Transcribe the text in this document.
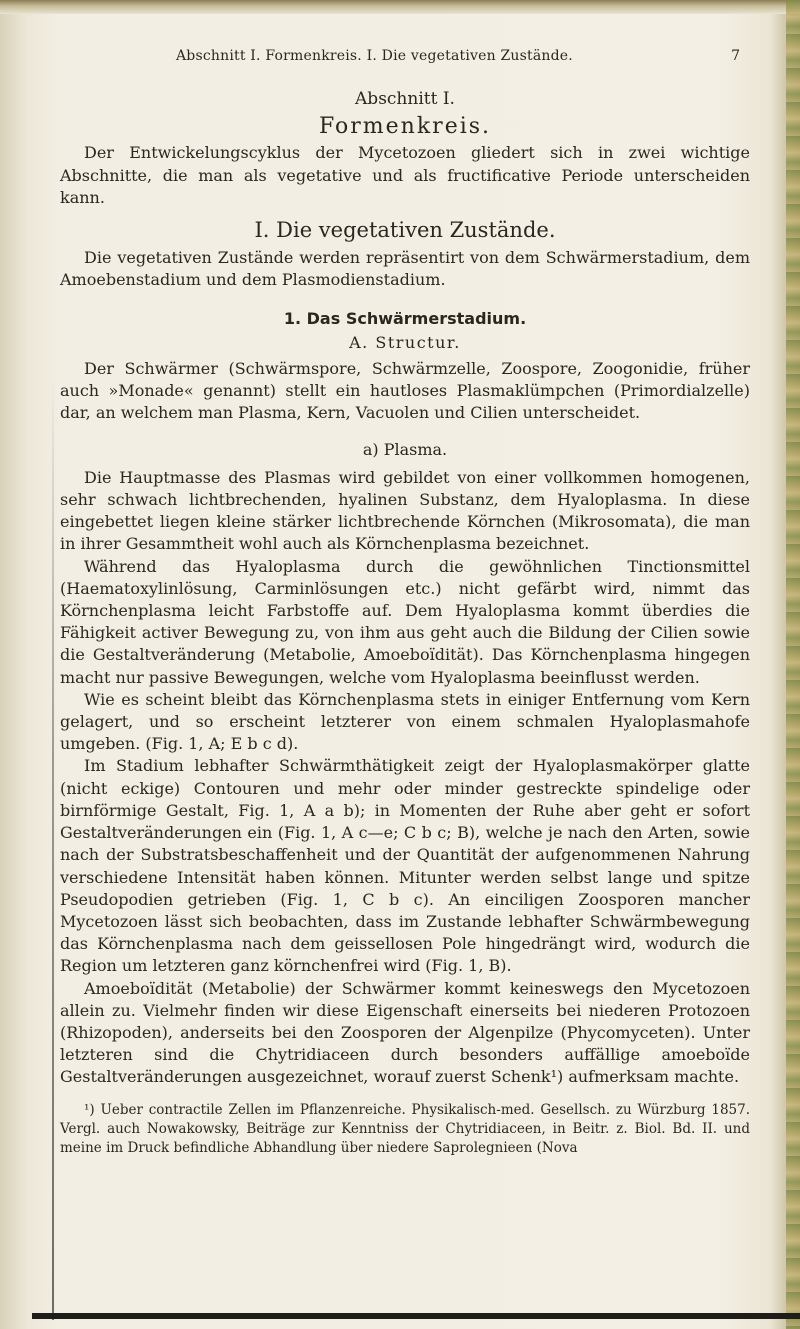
Abschnitt I. Formenkreis. I. Die vegetativen Zustände.	7
Abschnitt I.
Formenkreis.

Der Entwickelungscyklus der Mycetozoen gliedert sich in zwei wichtige Abschnitte, die man als vegetative und als fructificative Periode unterscheiden kann.

I. Die vegetativen Zustände.

Die vegetativen Zustände werden repräsentirt von dem Schwärmerstadium, dem Amoebenstadium und dem Plasmodienstadium.

1. Das Schwärmerstadium.
A. Structur.

Der Schwärmer (Schwärmspore, Schwärmzelle, Zoospore, Zoogonidie, früher auch »Monade« genannt) stellt ein hautloses Plasmaklümpchen (Primordialzelle) dar, an welchem man Plasma, Kern, Vacuolen und Cilien unterscheidet.

a) Plasma.

Die Hauptmasse des Plasmas wird gebildet von einer vollkommen homogenen, sehr schwach lichtbrechenden, hyalinen Substanz, dem Hyaloplasma. In diese eingebettet liegen kleine stärker lichtbrechende Körnchen (Mikrosomata), die man in ihrer Gesammtheit wohl auch als Körnchenplasma bezeichnet.

Während das Hyaloplasma durch die gewöhnlichen Tinctionsmittel (Haematoxylinlösung, Carminlösungen etc.) nicht gefärbt wird, nimmt das Körnchenplasma leicht Farbstoffe auf. Dem Hyaloplasma kommt überdies die Fähigkeit activer Bewegung zu, von ihm aus geht auch die Bildung der Cilien sowie die Gestaltveränderung (Metabolie, Amoeboïdität). Das Körnchenplasma hingegen macht nur passive Bewegungen, welche vom Hyaloplasma beeinflusst werden.

Wie es scheint bleibt das Körnchenplasma stets in einiger Entfernung vom Kern gelagert, und so erscheint letzterer von einem schmalen Hyaloplasmahofe umgeben. (Fig. 1, A; E b c d).

Im Stadium lebhafter Schwärmthätigkeit zeigt der Hyaloplasmakörper glatte (nicht eckige) Contouren und mehr oder minder gestreckte spindelige oder birnförmige Gestalt, Fig. 1, A a b); in Momenten der Ruhe aber geht er sofort Gestaltveränderungen ein (Fig. 1, A c—e; C b c; B), welche je nach den Arten, sowie nach der Substratsbeschaffenheit und der Quantität der aufgenommenen Nahrung verschiedene Intensität haben können. Mitunter werden selbst lange und spitze Pseudopodien getrieben (Fig. 1, C b c). An einciligen Zoosporen mancher Mycetozoen lässt sich beobachten, dass im Zustande lebhafter Schwärmbewegung das Körnchenplasma nach dem geissellosen Pole hingedrängt wird, wodurch die Region um letzteren ganz körnchenfrei wird (Fig. 1, B).

Amoeboïdität (Metabolie) der Schwärmer kommt keineswegs den Mycetozoen allein zu. Vielmehr finden wir diese Eigenschaft einerseits bei niederen Protozoen (Rhizopoden), anderseits bei den Zoosporen der Algenpilze (Phycomyceten). Unter letzteren sind die Chytridiaceen durch besonders auffällige amoeboïde Gestaltveränderungen ausgezeichnet, worauf zuerst Schenk¹) aufmerksam machte.

¹) Ueber contractile Zellen im Pflanzenreiche. Physikalisch-med. Gesellsch. zu Würzburg 1857. Vergl. auch Nowakowsky, Beiträge zur Kenntniss der Chytridiaceen, in Beitr. z. Biol. Bd. II. und meine im Druck befindliche Abhandlung über niedere Saprolegnieen (Nova
